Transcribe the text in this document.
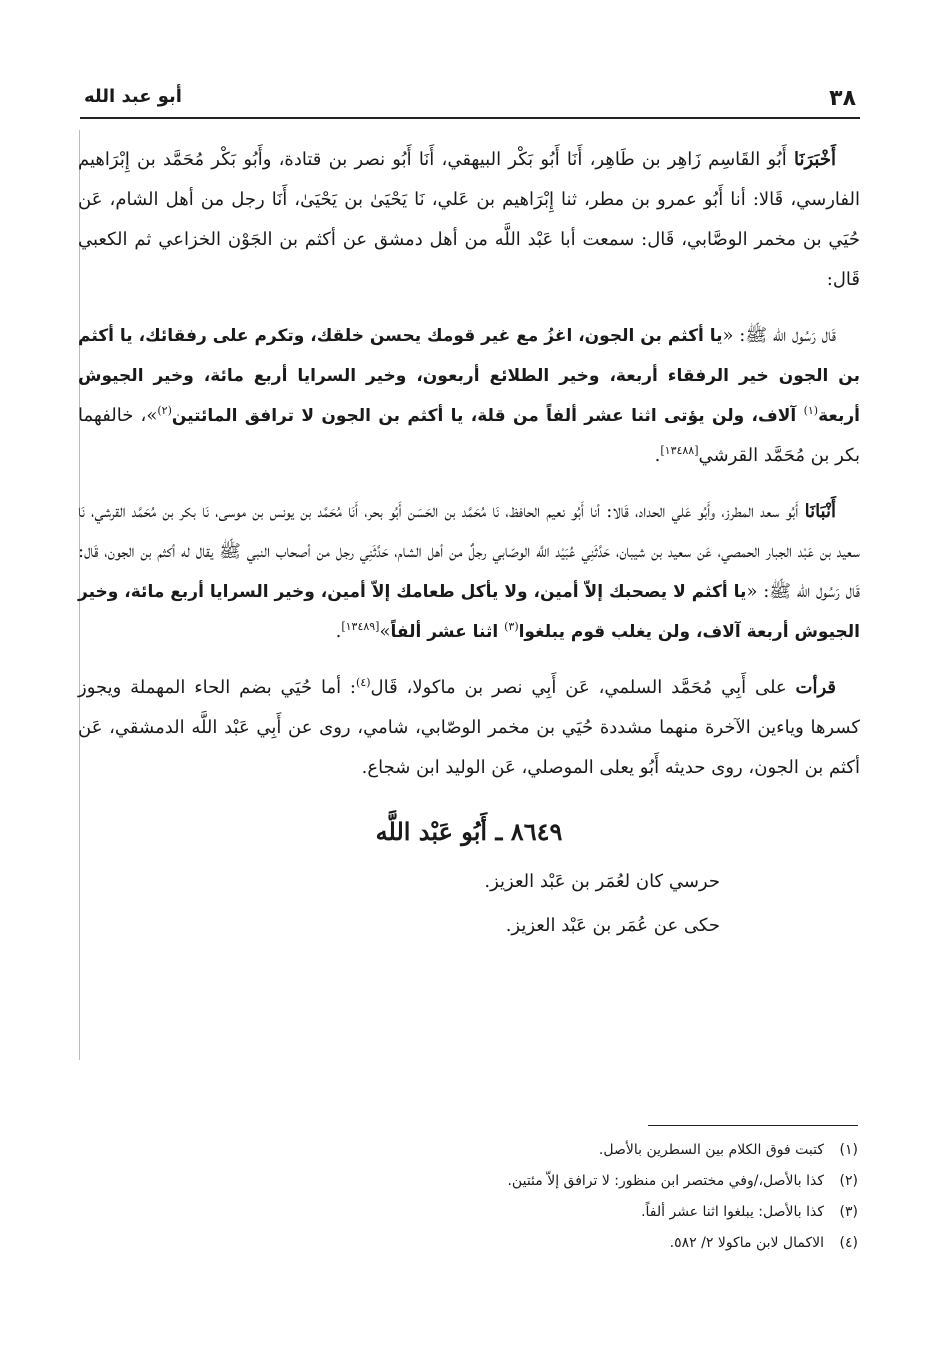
٣٨
أبو عبد الله

أَخْبَرَنَا أَبُو القَاسِم زَاهِر بن طَاهِر، أَنَا أَبُو بَكْر البيهقي، أَنَا أَبُو نصر بن قتادة، وأَبُو بَكْر مُحَمَّد بن إِبْرَاهيم الفارسي، قَالا: أنا أَبُو عمرو بن مطر، ثنا إِبْرَاهيم بن عَلي، نَا يَحْيَىٰ بن يَحْيَىٰ، أَنَا رجل من أهل الشام، عَن حُيَي بن مخمر الوصَّابي، قَال: سمعت أبا عَبْد اللَّه من أهل دمشق عن أكثم بن الجَوْن الخزاعي ثم الكعبي قَال:

قَال رَسُول الله ﷺ: «يا أكثم بن الجون، اغزُ مع غير قومك يحسن خلقك، وتكرم على رفقائك، يا أكثم بن الجون خير الرفقاء أربعة، وخير الطلائع أربعون، وخير السرايا أربع مائة، وخير الجيوش أربعة$^{(١)}$ آلاف، ولن يؤتى اثنا عشر ألفاً من قلة، يا أكثم بن الجون لا ترافق المائتين$^{(٢)}$»، خالفهما بكر بن مُحَمَّد القرشي[١٣٤٨٨].

أَنْبَانَا أَبُو سعد المطرز، وأَبُو عَلي الحداد، قَالا: أنا أَبُو نعيم الحافظ، نَا مُحَمَّد بن الحَسَن أَبُو بحر، أَنَا مُحَمَّد بن يونس بن موسى، نَا بكر بن مُحَمَّد القرشي، نَا سعيد بن عَبْد الجبار الحمصي، عَن سعيد بن شيبان، حَدَّثَنِي عُبَيْد اللَّه الوصّابي رجلٌ من أهل الشام، حَدَّثَنِي رجل من أصحاب النبي ﷺ يقال له أكثم بن الجون، قَال: قَال رَسُول الله ﷺ: «يا أكثم لا يصحبك إلاّ أمين، ولا يأكل طعامك إلاّ أمين، وخير السرايا أربع مائة، وخير الجيوش أربعة آلاف، ولن يغلب قوم يبلغوا$^{(٣)}$ اثنا عشر ألفاً»[١٣٤٨٩].

قرأت على أَبِي مُحَمَّد السلمي، عَن أَبِي نصر بن ماكولا، قَال$^{(٤)}$: أما حُيَي بضم الحاء المهملة ويجوز كسرها وياءين الآخرة منهما مشددة حُيَي بن مخمر الوصّابي، شامي، روى عن أَبِي عَبْد اللَّه الدمشقي، عَن أكثم بن الجون، روى حديثه أَبُو يعلى الموصلي، عَن الوليد ابن شجاع.

٨٦٤٩ ـ أَبُو عَبْد اللَّه
حرسي كان لعُمَر بن عَبْد العزيز.
حكى عن عُمَر بن عَبْد العزيز.
(١)كتبت فوق الكلام بين السطرين بالأصل.
(٢)كذا بالأصل،/وفي مختصر ابن منظور: لا ترافق إلاّ مئتين.
(٣)كذا بالأصل: يبلغوا اثنا عشر ألفاً.
(٤)الاكمال لابن ماكولا ٢/ ٥٨٢.
